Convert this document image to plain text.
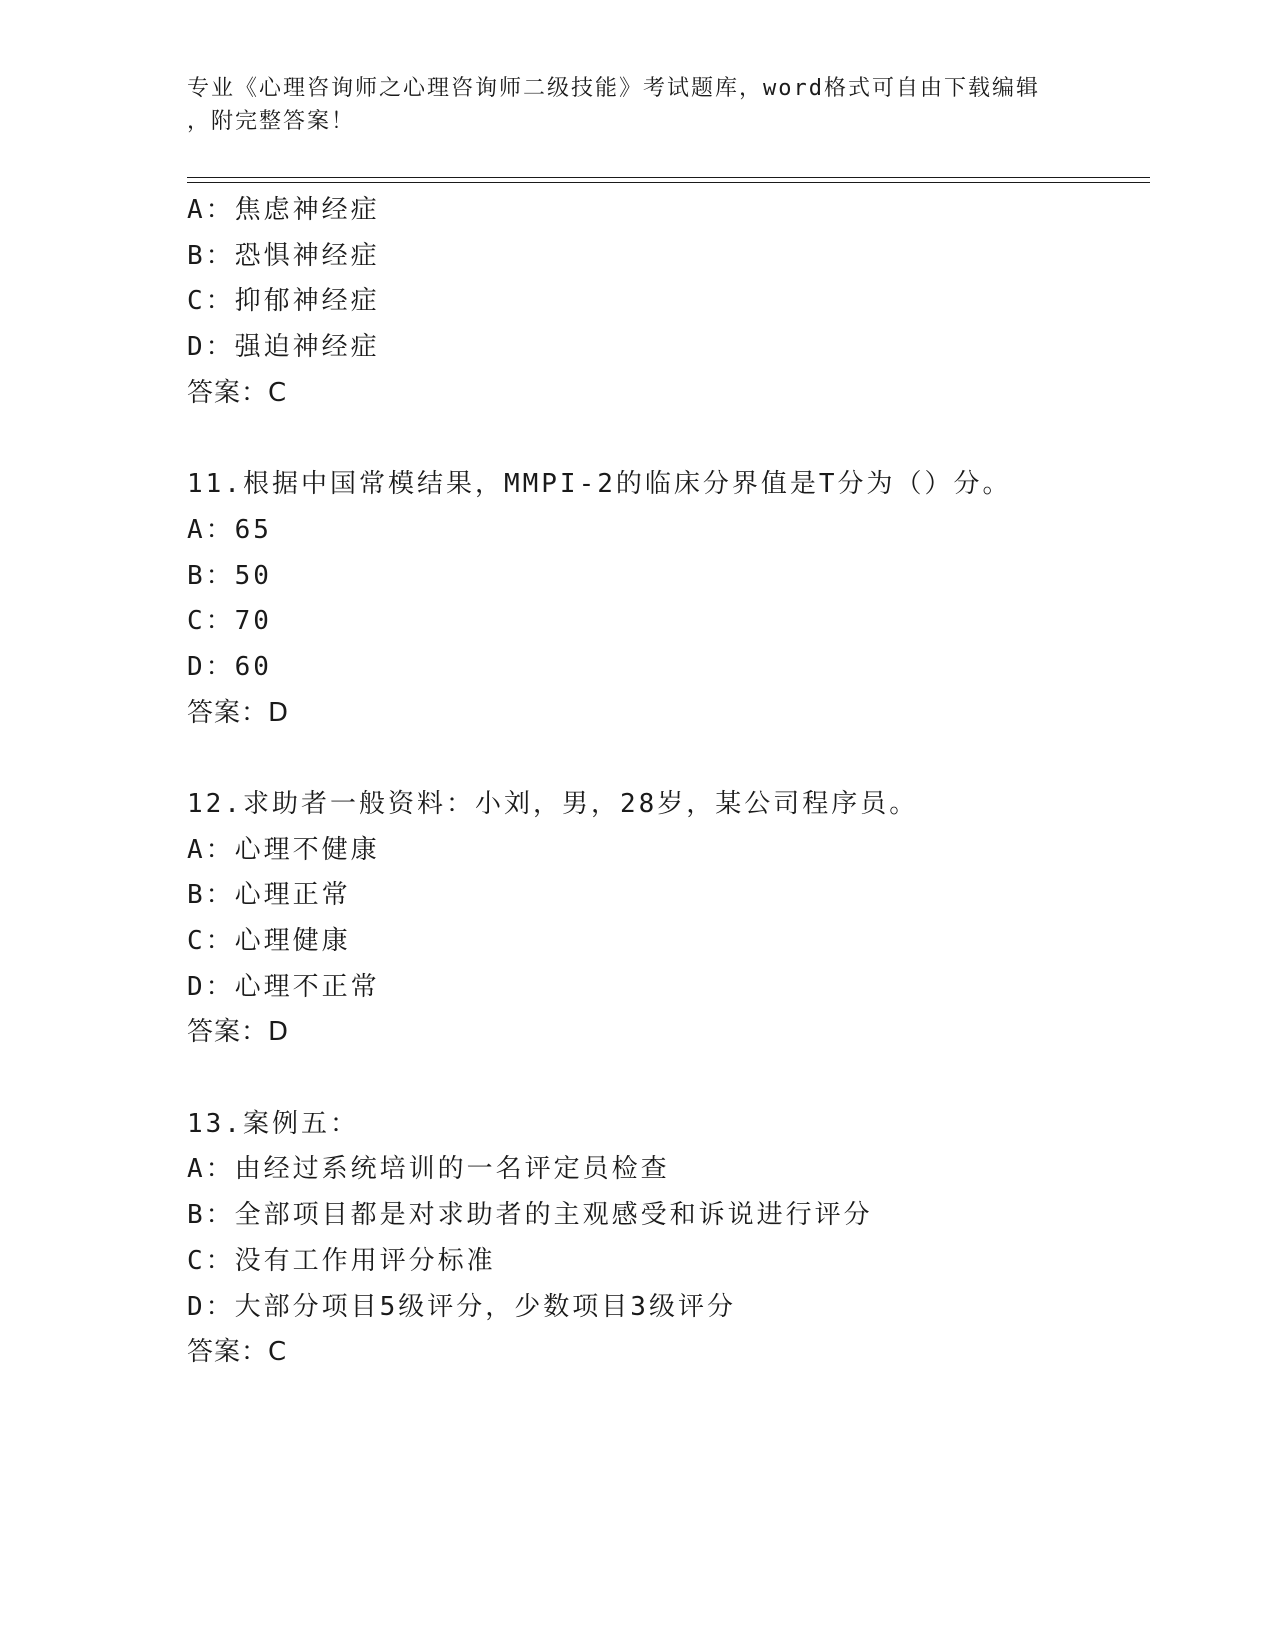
专业《心理咨询师之心理咨询师二级技能》考试题库，word格式可自由下载编辑
，附完整答案！
A：焦虑神经症
B：恐惧神经症
C：抑郁神经症
D：强迫神经症
答案：C
11.根据中国常模结果，MMPI-2的临床分界值是T分为（）分。
A：65
B：50
C：70
D：60
答案：D
12.求助者一般资料：小刘，男，28岁，某公司程序员。
A：心理不健康
B：心理正常
C：心理健康
D：心理不正常
答案：D
13.案例五：
A：由经过系统培训的一名评定员检查
B：全部项目都是对求助者的主观感受和诉说进行评分
C：没有工作用评分标准
D：大部分项目5级评分，少数项目3级评分
答案：C
